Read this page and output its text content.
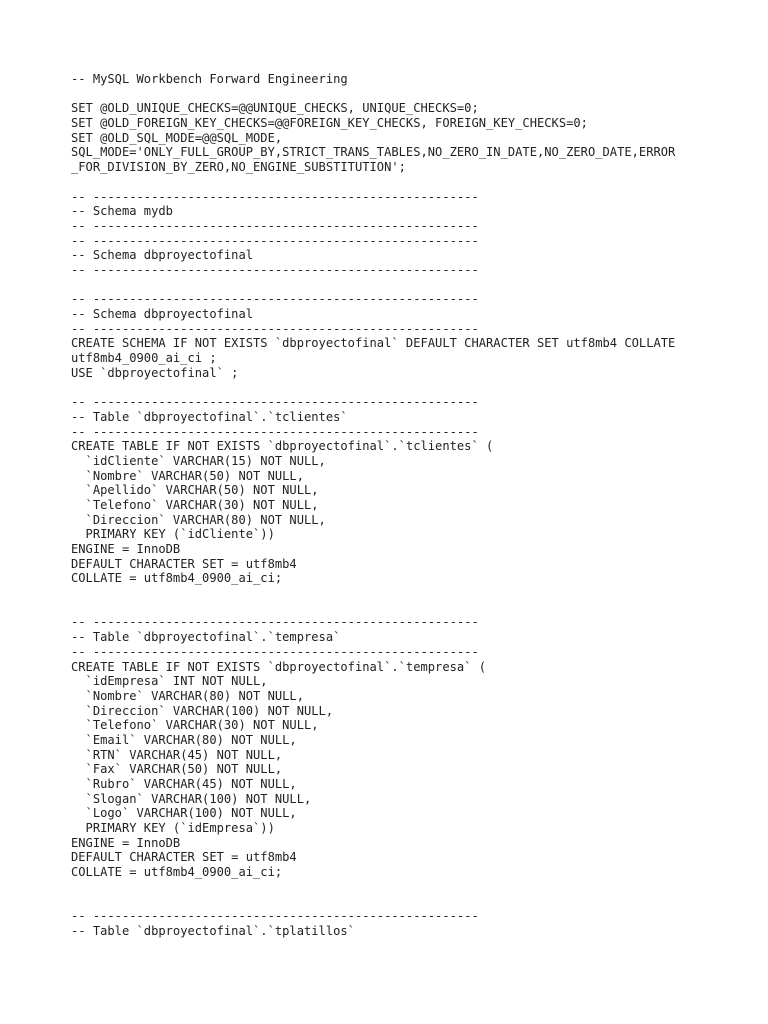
-- MySQL Workbench Forward Engineering
SET @OLD_UNIQUE_CHECKS=@@UNIQUE_CHECKS, UNIQUE_CHECKS=0;
SET @OLD_FOREIGN_KEY_CHECKS=@@FOREIGN_KEY_CHECKS, FOREIGN_KEY_CHECKS=0;
SET @OLD_SQL_MODE=@@SQL_MODE,
SQL_MODE='ONLY_FULL_GROUP_BY,STRICT_TRANS_TABLES,NO_ZERO_IN_DATE,NO_ZERO_DATE,ERROR
_FOR_DIVISION_BY_ZERO,NO_ENGINE_SUBSTITUTION';
-- -----------------------------------------------------
-- Schema mydb
-- -----------------------------------------------------
-- -----------------------------------------------------
-- Schema dbproyectofinal
-- -----------------------------------------------------
-- -----------------------------------------------------
-- Schema dbproyectofinal
-- -----------------------------------------------------
CREATE SCHEMA IF NOT EXISTS `dbproyectofinal` DEFAULT CHARACTER SET utf8mb4 COLLATE
utf8mb4_0900_ai_ci ;
USE `dbproyectofinal` ;
-- -----------------------------------------------------
-- Table `dbproyectofinal`.`tclientes`
-- -----------------------------------------------------
CREATE TABLE IF NOT EXISTS `dbproyectofinal`.`tclientes` (
`idCliente` VARCHAR(15) NOT NULL,
`Nombre` VARCHAR(50) NOT NULL,
`Apellido` VARCHAR(50) NOT NULL,
`Telefono` VARCHAR(30) NOT NULL,
`Direccion` VARCHAR(80) NOT NULL,
PRIMARY KEY (`idCliente`))
ENGINE = InnoDB
DEFAULT CHARACTER SET = utf8mb4
COLLATE = utf8mb4_0900_ai_ci;
-- -----------------------------------------------------
-- Table `dbproyectofinal`.`tempresa`
-- -----------------------------------------------------
CREATE TABLE IF NOT EXISTS `dbproyectofinal`.`tempresa` (
`idEmpresa` INT NOT NULL,
`Nombre` VARCHAR(80) NOT NULL,
`Direccion` VARCHAR(100) NOT NULL,
`Telefono` VARCHAR(30) NOT NULL,
`Email` VARCHAR(80) NOT NULL,
`RTN` VARCHAR(45) NOT NULL,
`Fax` VARCHAR(50) NOT NULL,
`Rubro` VARCHAR(45) NOT NULL,
`Slogan` VARCHAR(100) NOT NULL,
`Logo` VARCHAR(100) NOT NULL,
PRIMARY KEY (`idEmpresa`))
ENGINE = InnoDB
DEFAULT CHARACTER SET = utf8mb4
COLLATE = utf8mb4_0900_ai_ci;
-- -----------------------------------------------------
-- Table `dbproyectofinal`.`tplatillos`
